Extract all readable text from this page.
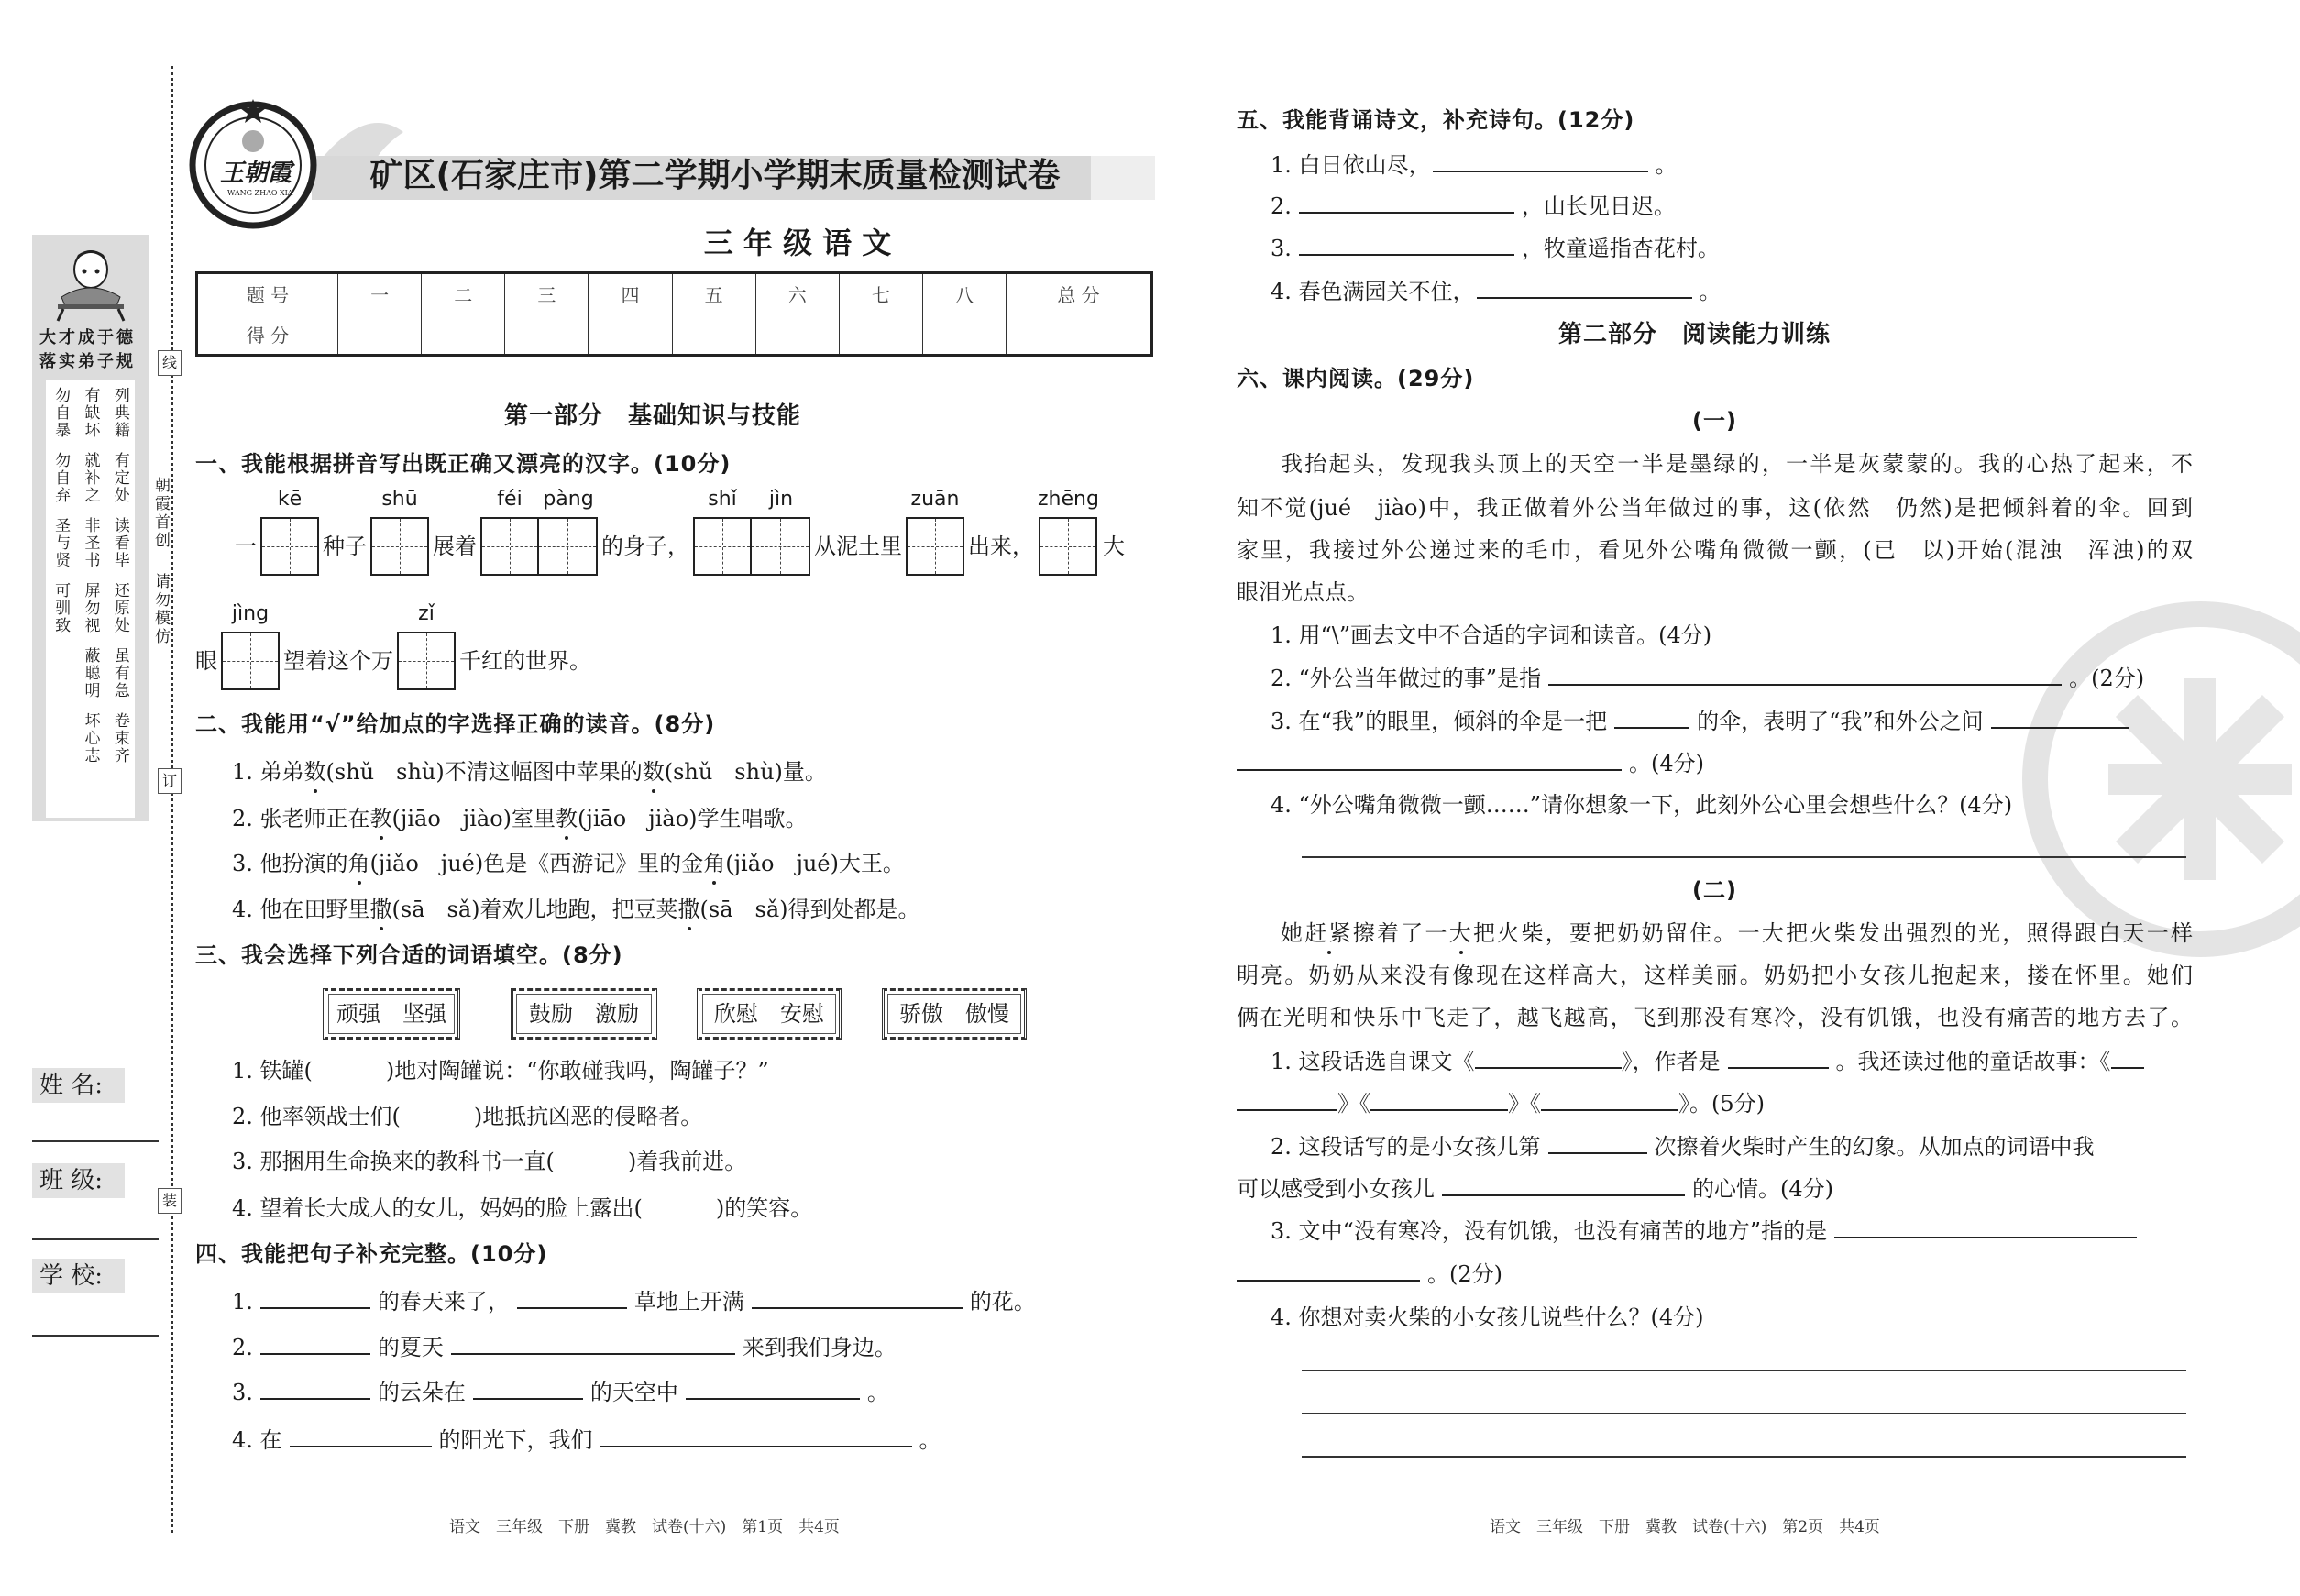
线
订
装
大才成于德
落实弟子规
列典籍
有定处
读看毕
还原处
虽有急
卷束齐
有缺坏
就补之
非圣书
屏勿视
蔽聪明
坏心志
勿自暴
勿自弃
圣与贤
可驯致
朝霞首创
请勿模仿
姓 名:
班 级:
学 校:
王朝霞
WANG ZHAO XIA	矿区(石家庄市)第二学期小学期末质量检测试卷
三 年 级 语 文
题 号	一	二	三	四	五	六	七	八	总 分
得 分									
第一部分　基础知识与技能
一、我能根据拼音写出既正确又漂亮的汉字。(10分)
一
kē
种子
shū
展着
féi pàng
的身子，
shǐ jìn
从泥土里
zuān
出来，
zhēng
大
眼
jìng
望着这个万
zǐ
千红的世界。
二、我能用“√”给加点的字选择正确的读音。(8分)
1. 弟弟数(shǔ　shù)不清这幅图中苹果的数(shǔ　shù)量。
2. 张老师正在教(jiāo　jiào)室里教(jiāo　jiào)学生唱歌。
3. 他扮演的角(jiǎo　jué)色是《西游记》里的金角(jiǎo　jué)大王。
4. 他在田野里撒(sā　sǎ)着欢儿地跑，把豆荚撒(sā　sǎ)得到处都是。
三、我会选择下列合适的词语填空。(8分)
顽强　坚强	鼓励　激励	欣慰　安慰	骄傲　傲慢
1. 铁罐(	)地对陶罐说：“你敢碰我吗，陶罐子？”
2. 他率领战士们(	)地抵抗凶恶的侵略者。
3. 那捆用生命换来的教科书一直(	)着我前进。
4. 望着长大成人的女儿，妈妈的脸上露出(	)的笑容。
四、我能把句子补充完整。(10分)
1.	的春天来了，	草地上开满	的花。
2.	的夏天	来到我们身边。
3.	的云朵在	的天空中	。
4. 在	的阳光下，我们	。
语文　三年级　下册　冀教　试卷(十六)　第1页　共4页
五、我能背诵诗文，补充诗句。(12分)
1. 白日依山尽，	。
2.	，山长见日迟。
3.	，牧童遥指杏花村。
4. 春色满园关不住，	。
第二部分　阅读能力训练
六、课内阅读。(29分)
(一)
我抬起头，发现我头顶上的天空一半是墨绿的，一半是灰蒙蒙的。我的心热了起来，不
知不觉(jué　jiào)中，我正做着外公当年做过的事，这(依然　仍然)是把倾斜着的伞。回到
家里，我接过外公递过来的毛巾，看见外公嘴角微微一颤，(已　以)开始(混浊　浑浊)的双
眼泪光点点。
1. 用“\”画去文中不合适的字词和读音。(4分)
2. “外公当年做过的事”是指	。(2分)
3. 在“我”的眼里，倾斜的伞是一把	的伞，表明了“我”和外公之间
。(4分)
4. “外公嘴角微微一颤……”请你想象一下，此刻外公心里会想些什么？(4分)
(二)
她赶紧擦着了一大把火柴，要把奶奶留住。一大把火柴发出强烈的光，照得跟白天一样
明亮。奶奶从来没有像现在这样高大，这样美丽。奶奶把小女孩儿抱起来，搂在怀里。她们
俩在光明和快乐中飞走了，越飞越高，飞到那没有寒冷，没有饥饿，也没有痛苦的地方去了。
1. 这段话选自课文《	》，作者是	。我还读过他的童话故事：《
》《	》《	》。(5分)
2. 这段话写的是小女孩儿第	次擦着火柴时产生的幻象。从加点的词语中我
可以感受到小女孩儿	的心情。(4分)
3. 文中“没有寒冷，没有饥饿，也没有痛苦的地方”指的是
。(2分)
4. 你想对卖火柴的小女孩儿说些什么？(4分)
语文　三年级　下册　冀教　试卷(十六)　第2页　共4页
